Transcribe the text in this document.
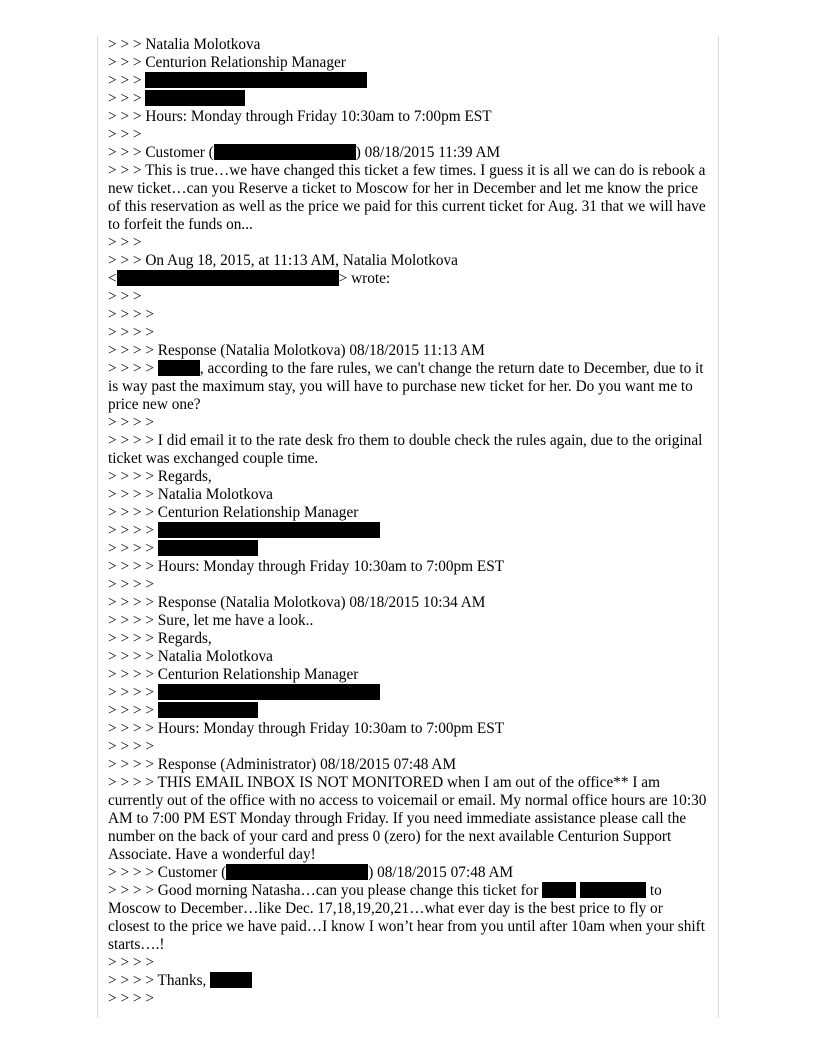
> > > Natalia Molotkova
> > > Centurion Relationship Manager
> > >
> > >
> > > Hours: Monday through Friday 10:30am to 7:00pm EST
> > >
> > > Customer (	) 08/18/2015 11:39 AM
> > > This is true…we have changed this ticket a few times. I guess it is all we can do is rebook a new ticket…can you Reserve a ticket to Moscow for her in December and let me know the price of this reservation as well as the price we paid for this current ticket for Aug. 31 that we will have to forfeit the funds on...
> > >
> > > On Aug 18, 2015, at 11:13 AM, Natalia Molotkova
<	> wrote:
> > >
> > > >
> > > >
> > > > Response (Natalia Molotkova) 08/18/2015 11:13 AM
> > > >	, according to the fare rules, we can't change the return date to December, due to it is way past the maximum stay, you will have to purchase new ticket for her. Do you want me to price new one?
> > > >
> > > > I did email it to the rate desk fro them to double check the rules again, due to the original ticket was exchanged couple time.
> > > > Regards,
> > > > Natalia Molotkova
> > > > Centurion Relationship Manager
> > > >
> > > >
> > > > Hours: Monday through Friday 10:30am to 7:00pm EST
> > > >
> > > > Response (Natalia Molotkova) 08/18/2015 10:34 AM
> > > > Sure, let me have a look..
> > > > Regards,
> > > > Natalia Molotkova
> > > > Centurion Relationship Manager
> > > >
> > > >
> > > > Hours: Monday through Friday 10:30am to 7:00pm EST
> > > >
> > > > Response (Administrator) 08/18/2015 07:48 AM
> > > > THIS EMAIL INBOX IS NOT MONITORED when I am out of the office** I am currently out of the office with no access to voicemail or email. My normal office hours are 10:30 AM to 7:00 PM EST Monday through Friday. If you need immediate assistance please call the number on the back of your card and press 0 (zero) for the next available Centurion Support Associate. Have a wonderful day!
> > > > Customer (	) 08/18/2015 07:48 AM
> > > > Good morning Natasha…can you please change this ticket for	to Moscow to December…like Dec. 17,18,19,20,21…what ever day is the best price to fly or closest to the price we have paid…I know I won’t hear from you until after 10am when your shift starts….!
> > > >
> > > > Thanks,
> > > >
